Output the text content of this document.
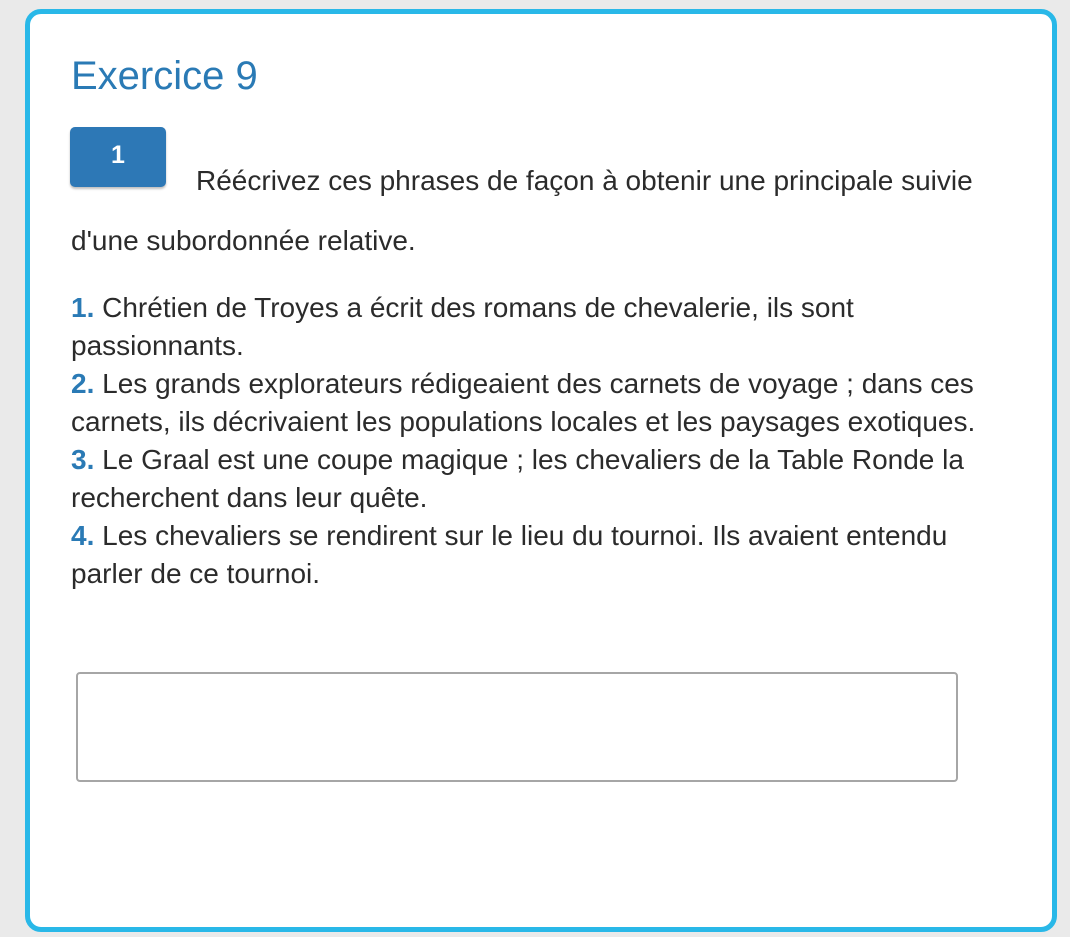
Exercice 9
1

Réécrivez ces phrases de façon à obtenir une principale suivie d'une subordonnée relative.

1. Chrétien de Troyes a écrit des romans de chevalerie, ils sont passionnants.
2. Les grands explorateurs rédigeaient des carnets de voyage ; dans ces carnets, ils décrivaient les populations locales et les paysages exotiques.
3. Le Graal est une coupe magique ; les chevaliers de la Table Ronde la recherchent dans leur quête.
4. Les chevaliers se rendirent sur le lieu du tournoi. Ils avaient entendu parler de ce tournoi.
